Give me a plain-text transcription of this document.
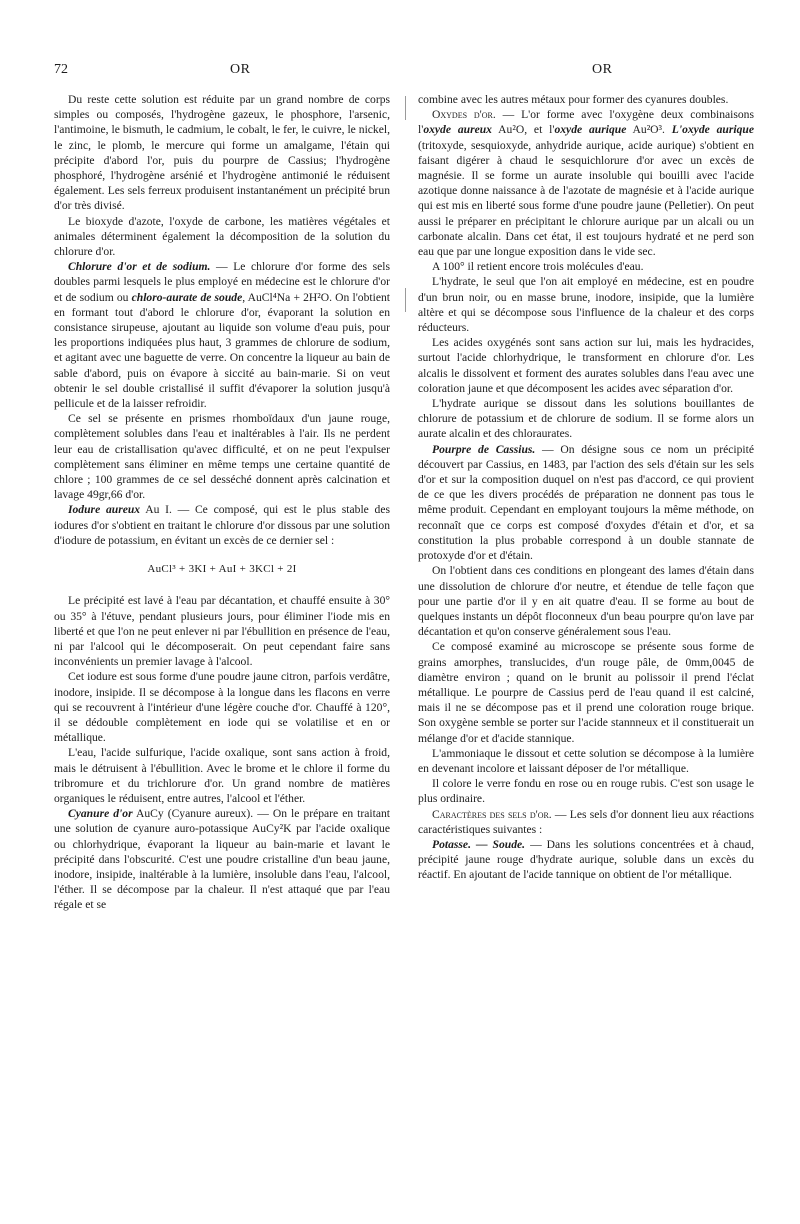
72	OR	OR

Du reste cette solution est réduite par un grand nombre de corps simples ou composés, l'hydrogène gazeux, le phosphore, l'arsenic, l'antimoine, le bismuth, le cadmium, le cobalt, le fer, le cuivre, le nickel, le zinc, le plomb, le mercure qui forme un amalgame, l'étain qui précipite d'abord l'or, puis du pourpre de Cassius; l'hydrogène phosphoré, l'hydrogène arsénié et l'hydrogène antimonié le réduisent également. Les sels ferreux produisent instantanément un précipité brun d'or très divisé.

Le bioxyde d'azote, l'oxyde de carbone, les matières végétales et animales déterminent également la décomposition de la solution du chlorure d'or.

Chlorure d'or et de sodium. — Le chlorure d'or forme des sels doubles parmi lesquels le plus employé en médecine est le chlorure d'or et de sodium ou chloro-aurate de soude, AuCl⁴Na + 2H²O. On l'obtient en formant tout d'abord le chlorure d'or, évaporant la solution en consistance sirupeuse, ajoutant au liquide son volume d'eau puis, pour les proportions indiquées plus haut, 3 grammes de chlorure de sodium, et agitant avec une baguette de verre. On concentre la liqueur au bain de sable d'abord, puis on évapore à siccité au bain-marie. Si on veut obtenir le sel double cristallisé il suffit d'évaporer la solution jusqu'à pellicule et de la laisser refroidir.

Ce sel se présente en prismes rhomboïdaux d'un jaune rouge, complètement solubles dans l'eau et inaltérables à l'air. Ils ne perdent leur eau de cristallisation qu'avec difficulté, et on ne peut l'expulser complètement sans éliminer en même temps une certaine quantité de chlore ; 100 grammes de ce sel desséché donnent après calcination et lavage 49gr,66 d'or.

Iodure aureux Au I. — Ce composé, qui est le plus stable des iodures d'or s'obtient en traitant le chlorure d'or dissous par une solution d'iodure de potassium, en évitant un excès de ce dernier sel :

AuCl³ + 3KI + AuI + 3KCl + 2I

Le précipité est lavé à l'eau par décantation, et chauffé ensuite à 30° ou 35° à l'étuve, pendant plusieurs jours, pour éliminer l'iode mis en liberté et que l'on ne peut enlever ni par l'ébullition en présence de l'eau, ni par l'alcool qui le décomposerait. On peut cependant faire sans inconvénients un premier lavage à l'alcool.

Cet iodure est sous forme d'une poudre jaune citron, parfois verdâtre, inodore, insipide. Il se décompose à la longue dans les flacons en verre qui se recouvrent à l'intérieur d'une légère couche d'or. Chauffé à 120°, il se dédouble complètement en iode qui se volatilise et en or métallique.

L'eau, l'acide sulfurique, l'acide oxalique, sont sans action à froid, mais le détruisent à l'ébullition. Avec le brome et le chlore il forme du tribromure et du trichlorure d'or. Un grand nombre de matières organiques le réduisent, entre autres, l'alcool et l'éther.

Cyanure d'or AuCy (Cyanure aureux). — On le prépare en traitant une solution de cyanure auro-potassique AuCy²K par l'acide oxalique ou chlorhydrique, évaporant la liqueur au bain-marie et lavant le précipité dans l'obscurité. C'est une poudre cristalline d'un beau jaune, inodore, insipide, inaltérable à la lumière, insoluble dans l'eau, l'alcool, l'éther. Il se décompose par la chaleur. Il n'est attaqué que par l'eau régale et se

combine avec les autres métaux pour former des cyanures doubles.

Oxydes d'or. — L'or forme avec l'oxygène deux combinaisons l'oxyde aureux Au²O, et l'oxyde aurique Au²O³. L'oxyde aurique (tritoxyde, sesquioxyde, anhydride aurique, acide aurique) s'obtient en faisant digérer à chaud le sesquichlorure d'or avec un excès de magnésie. Il se forme un aurate insoluble qui bouilli avec l'acide azotique donne naissance à de l'azotate de magnésie et à l'acide aurique qui est mis en liberté sous forme d'une poudre jaune (Pelletier). On peut aussi le préparer en précipitant le chlorure aurique par un alcali ou un carbonate alcalin. Dans cet état, il est toujours hydraté et ne perd son eau que par une longue exposition dans le vide sec.

A 100° il retient encore trois molécules d'eau.

L'hydrate, le seul que l'on ait employé en médecine, est en poudre d'un brun noir, ou en masse brune, inodore, insipide, que la lumière altère et qui se décompose sous l'influence de la chaleur et des corps réducteurs.

Les acides oxygénés sont sans action sur lui, mais les hydracides, surtout l'acide chlorhydrique, le transforment en chlorure d'or. Les alcalis le dissolvent et forment des aurates solubles dans l'eau avec une coloration jaune et que décomposent les acides avec séparation d'or.

L'hydrate aurique se dissout dans les solutions bouillantes de chlorure de potassium et de chlorure de sodium. Il se forme alors un aurate alcalin et des chloraurates.

Pourpre de Cassius. — On désigne sous ce nom un précipité découvert par Cassius, en 1483, par l'action des sels d'étain sur les sels d'or et sur la composition duquel on n'est pas d'accord, ce qui provient de ce que les divers procédés de préparation ne donnent pas tous le même produit. Cependant en employant toujours la même méthode, on reconnaît que ce corps est composé d'oxydes d'étain et d'or, et sa constitution la plus probable correspond à un double stannate de protoxyde d'or et d'étain.

On l'obtient dans ces conditions en plongeant des lames d'étain dans une dissolution de chlorure d'or neutre, et étendue de telle façon que pour une partie d'or il y en ait quatre d'eau. Il se forme au bout de quelques instants un dépôt floconneux d'un beau pourpre qu'on lave par décantation et qu'on conserve généralement sous l'eau.

Ce composé examiné au microscope se présente sous forme de grains amorphes, translucides, d'un rouge pâle, de 0mm,0045 de diamètre environ ; quand on le brunit au polissoir il prend l'éclat métallique. Le pourpre de Cassius perd de l'eau quand il est calciné, mais il ne se décompose pas et il prend une coloration rouge brique. Son oxygène semble se porter sur l'acide stannneux et il constituerait un mélange d'or et d'acide stannique.

L'ammoniaque le dissout et cette solution se décompose à la lumière en devenant incolore et laissant déposer de l'or métallique.

Il colore le verre fondu en rose ou en rouge rubis. C'est son usage le plus ordinaire.

Caractères des sels d'or. — Les sels d'or donnent lieu aux réactions caractéristiques suivantes :

Potasse. — Soude. — Dans les solutions concentrées et à chaud, précipité jaune rouge d'hydrate aurique, soluble dans un excès du réactif. En ajoutant de l'acide tannique on obtient de l'or métallique.
